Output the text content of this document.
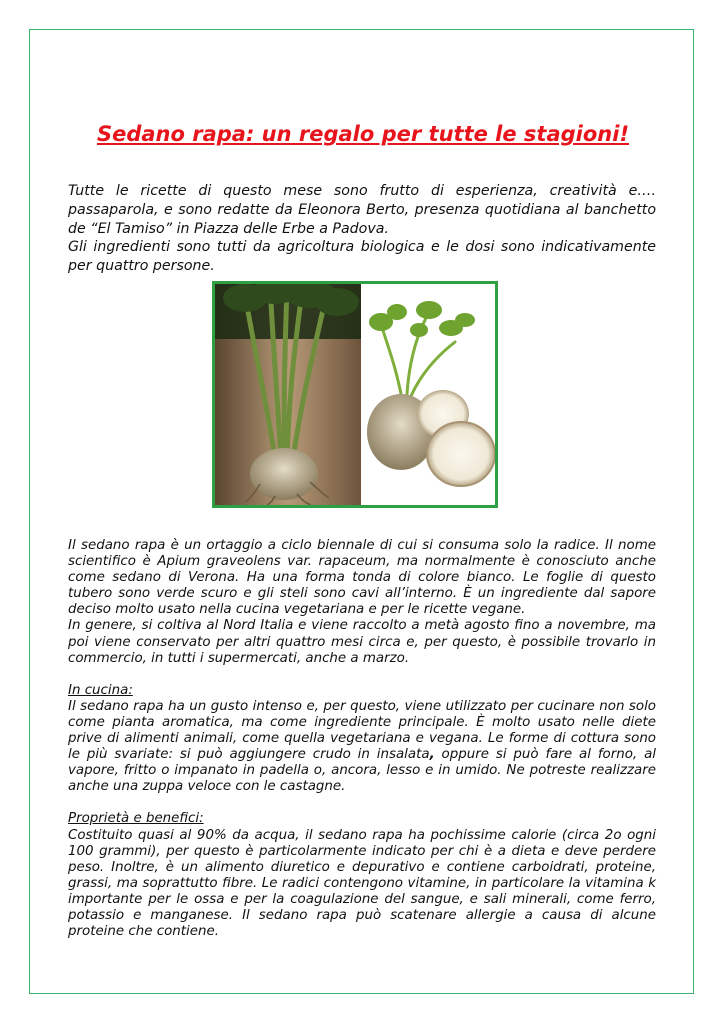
Sedano rapa: un regalo per tutte le stagioni!

Tutte le ricette di questo mese sono frutto di esperienza, creatività e…. passaparola, e sono redatte da Eleonora Berto, presenza quotidiana al banchetto de “El Tamiso” in Piazza delle Erbe a Padova.

Gli ingredienti sono tutti da agricoltura biologica e le dosi sono indicativamente per quattro persone.

Il sedano rapa è un ortaggio a ciclo biennale di cui si consuma solo la radice. Il nome scientifico è Apium graveolens var. rapaceum, ma normalmente è conosciuto anche come sedano di Verona. Ha una forma tonda di colore bianco. Le foglie di questo tubero sono verde scuro e gli steli sono cavi all’interno. È un ingrediente dal sapore deciso molto usato nella cucina vegetariana e per le ricette vegane.

In genere, si coltiva al Nord Italia e viene raccolto a metà agosto fino a novembre, ma poi viene conservato per altri quattro mesi circa e, per questo, è possibile trovarlo in commercio, in tutti i supermercati, anche a marzo.

In cucina:

Il sedano rapa ha un gusto intenso e, per questo, viene utilizzato per cucinare non solo come pianta aromatica, ma come ingrediente principale. È molto usato nelle diete prive di alimenti animali, come quella vegetariana e vegana. Le forme di cottura sono le più svariate: si può aggiungere crudo in insalata, oppure si può fare al forno, al vapore, fritto o impanato in padella o, ancora, lesso e in umido. Ne potreste realizzare anche una zuppa veloce con le castagne.

Proprietà e benefici:

Costituito quasi al 90% da acqua, il sedano rapa ha pochissime calorie (circa 2o ogni 100 grammi), per questo è particolarmente indicato per chi è a dieta e deve perdere peso. Inoltre, è un alimento diuretico e depurativo e contiene carboidrati, proteine, grassi, ma soprattutto fibre. Le radici contengono vitamine, in particolare la vitamina k importante per le ossa e per la coagulazione del sangue, e sali minerali, come ferro, potassio e manganese. Il sedano rapa può scatenare allergie a causa di alcune proteine che contiene.
